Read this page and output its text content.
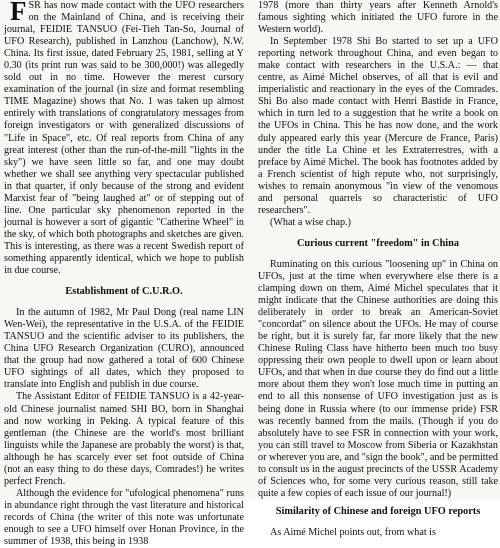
FSR has now made contact with the UFO researchers on the Mainland of China, and is receiving their journal, FEIDIE TANSUO (Fei-Tieh Tan-So, Journal of UFO Research), published in Lanzhou (Lanchow), N.W. China. Its first issue, dated February 25, 1981, selling at Y 0.30 (its print run was said to be 300,000!) was allegedly sold out in no time. However the merest cursory examination of the journal (in size and format resembling TIME Magazine) shows that No. 1 was taken up almost entirely with translations of congratulatory messages from foreign investigators or with generalized discussions of "Life in Space", etc. Of real reports from China of any great interest (other than the run-of-the-mill "lights in the sky") we have seen little so far, and one may doubt whether we shall see anything very spectacular published in that quarter, if only because of the strong and evident Marxist fear of "being laughed at" or of stepping out of line. One particular sky phenomenon reported in the journal is however a sort of gigantic "Catherine Wheel" in the sky, of which both photographs and sketches are given. This is interesting, as there was a recent Swedish report of something apparently identical, which we hope to publish in due course.

Establishment of C.U.R.O.

In the autumn of 1982, Mr Paul Dong (real name LIN Wen-Wei), the representative in the U.S.A. of the FEIDIE TANSUO and the scientific adviser to its publishers, the China UFO Research Organization (CURO), announced that the group had now gathered a total of 600 Chinese UFO sightings of all dates, which they proposed to translate into English and publish in due course.

The Assistant Editor of FEIDIE TANSUO is a 42-year-old Chinese journalist named SHI BO, born in Shanghai and now working in Peking. A typical feature of this gentleman (the Chinese are the world's most brilliant linguists while the Japanese are probably the worst) is that, although he has scarcely ever set foot outside of China (not an easy thing to do these days, Comrades!) he writes perfect French.

Although the evidence for "ufological phenomena" runs in abundance right through the vast literature and historical records of China (the writer of this note was unfortunate enough to see a UFO himself over Honan Province, in the summer of 1938, this being in 1938

1978 (more than thirty years after Kenneth Arnold's famous sighting which initiated the UFO furore in the Western world).

In September 1978 Shi Bo started to set up a UFO reporting network throughout China, and even began to make contact with researchers in the U.S.A.: — that centre, as Aimé Michel observes, of all that is evil and imperialistic and reactionary in the eyes of the Comrades. Shi Bo also made contact with Henri Bastide in France, which in turn led to a suggestion that he write a book on the UFOs in China. This he has now done, and the work duly appeared early this year (Mercure de France, Paris) under the title La Chine et les Extraterrestres, with a preface by Aimé Michel. The book has footnotes added by a French scientist of high repute who, not surprisingly, wishes to remain anonymous "in view of the venomous and personal quarrels so characteristic of UFO researchers".

(What a wise chap.)

Curious current "freedom" in China

Ruminating on this curious "loosening up" in China on UFOs, just at the time when everywhere else there is a clamping down on them, Aimé Michel speculates that it might indicate that the Chinese authorities are doing this deliberately in order to break an American-Soviet "concordat" on silence about the UFOs. He may of course be right, but it is surely far, far more likely that the new Chinese Ruling Class have hitherto been much too busy oppressing their own people to dwell upon or learn about UFOs, and that when in due course they do find out a little more about them they won't lose much time in putting an end to all this nonsense of UFO investigation just as is being done in Russia where (to our immense pride) FSR was recently banned from the mails. (Though if you do absolutely have to see FSR in connection with your work, you can still travel to Moscow from Siberia or Kazakhstan or wherever you are, and "sign the book", and be permitted to consult us in the august precincts of the USSR Academy of Sciences who, for some very curious reason, still take quite a few copies of each issue of our journal!)

Similarity of Chinese and foreign UFO reports

As Aimé Michel points out, from what is
